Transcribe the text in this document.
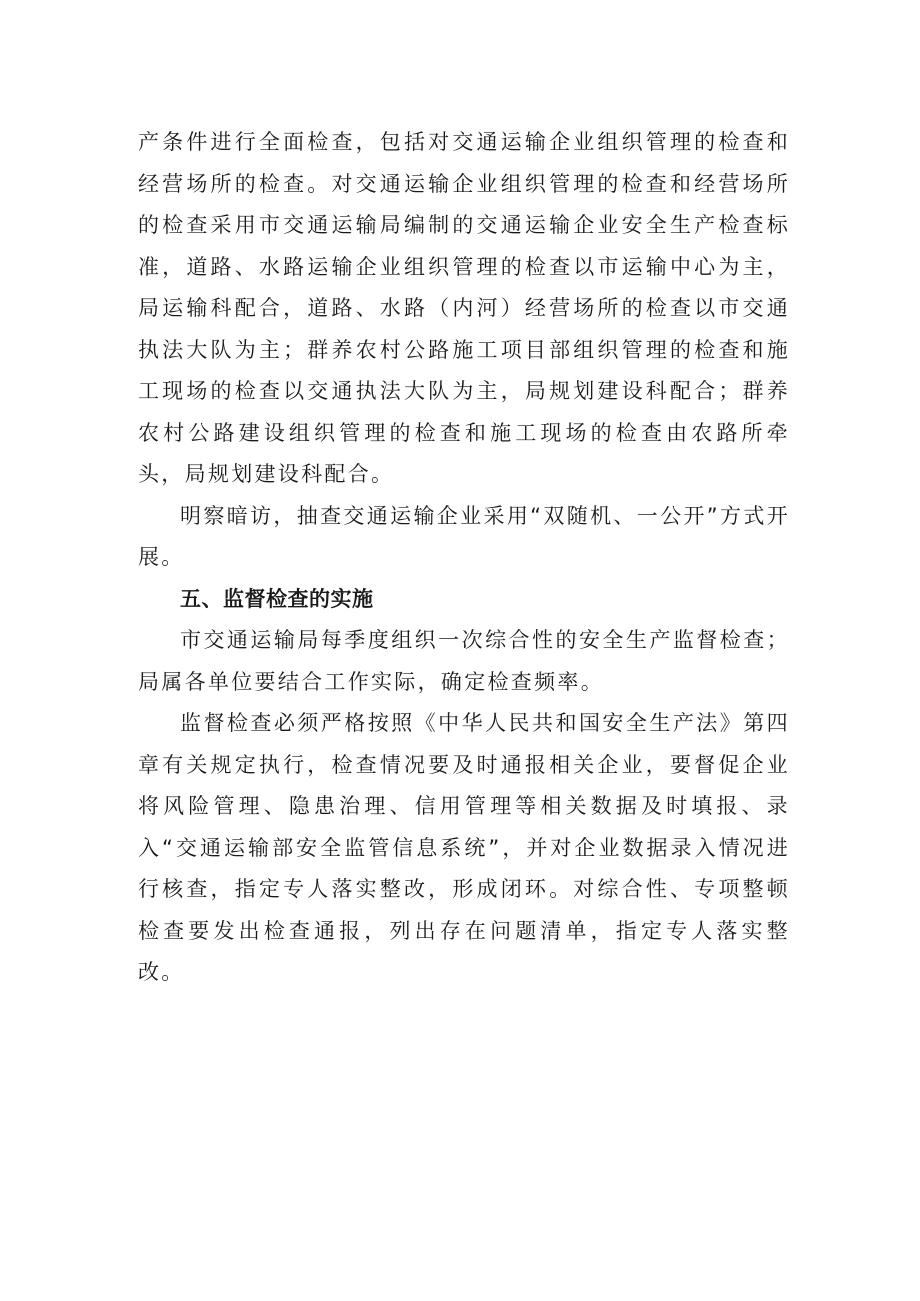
产条件进行全面检查，包括对交通运输企业组织管理的检查和经营场所的检查。对交通运输企业组织管理的检查和经营场所的检查采用市交通运输局编制的交通运输企业安全生产检查标准，道路、水路运输企业组织管理的检查以市运输中心为主，局运输科配合，道路、水路（内河）经营场所的检查以市交通执法大队为主；群养农村公路施工项目部组织管理的检查和施工现场的检查以交通执法大队为主，局规划建设科配合；群养农村公路建设组织管理的检查和施工现场的检查由农路所牵头，局规划建设科配合。

明察暗访，抽查交通运输企业采用“双随机、一公开”方式开展。

五、监督检查的实施

市交通运输局每季度组织一次综合性的安全生产监督检查；局属各单位要结合工作实际，确定检查频率。

监督检查必须严格按照《中华人民共和国安全生产法》第四章有关规定执行，检查情况要及时通报相关企业，要督促企业将风险管理、隐患治理、信用管理等相关数据及时填报、录入“交通运输部安全监管信息系统”，并对企业数据录入情况进行核查，指定专人落实整改，形成闭环。对综合性、专项整顿检查要发出检查通报，列出存在问题清单，指定专人落实整改。
